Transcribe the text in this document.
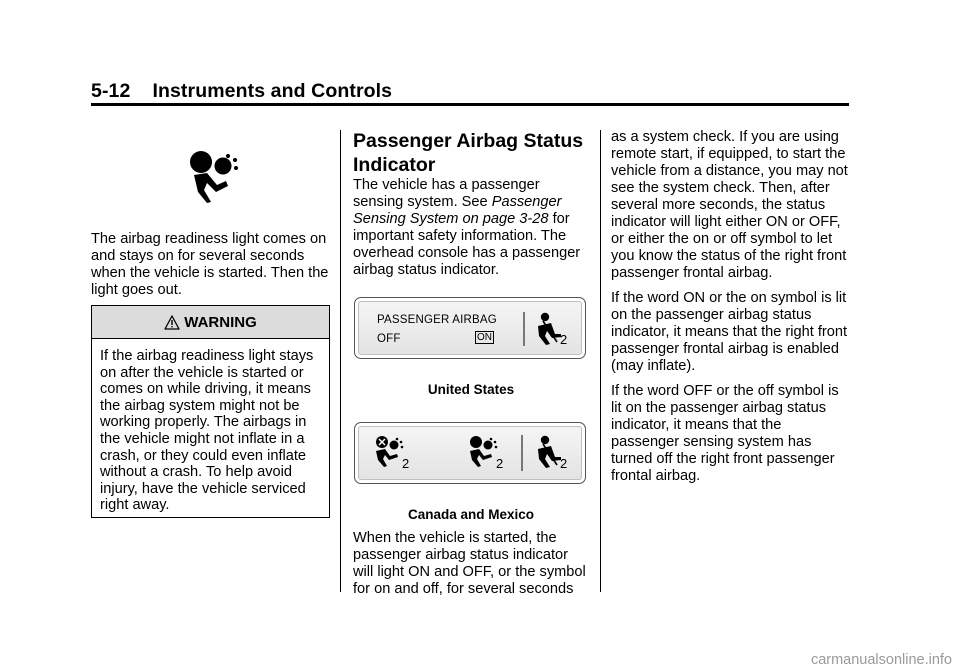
5-12 Instruments and Controls

The airbag readiness light comes on and stays on for several seconds when the vehicle is started. Then the light goes out.

WARNING

If the airbag readiness light stays on after the vehicle is started or comes on while driving, it means the airbag system might not be working properly. The airbags in the vehicle might not inflate in a crash, or they could even inflate without a crash. To help avoid injury, have the vehicle serviced right away.

Passenger Airbag Status
Indicator

The vehicle has a passenger sensing system. See Passenger Sensing System on page 3-28 for important safety information. The overhead console has a passenger airbag status indicator.

PASSENGER AIRBAG
OFF	ON	2
United States
2	2	2
Canada and Mexico

When the vehicle is started, the passenger airbag status indicator will light ON and OFF, or the symbol for on and off, for several seconds

as a system check. If you are using remote start, if equipped, to start the vehicle from a distance, you may not see the system check. Then, after several more seconds, the status indicator will light either ON or OFF, or either the on or off symbol to let you know the status of the right front passenger frontal airbag.

If the word ON or the on symbol is lit on the passenger airbag status indicator, it means that the right front passenger frontal airbag is enabled (may inflate).

If the word OFF or the off symbol is lit on the passenger airbag status indicator, it means that the passenger sensing system has turned off the right front passenger frontal airbag.

carmanualsonline.info
